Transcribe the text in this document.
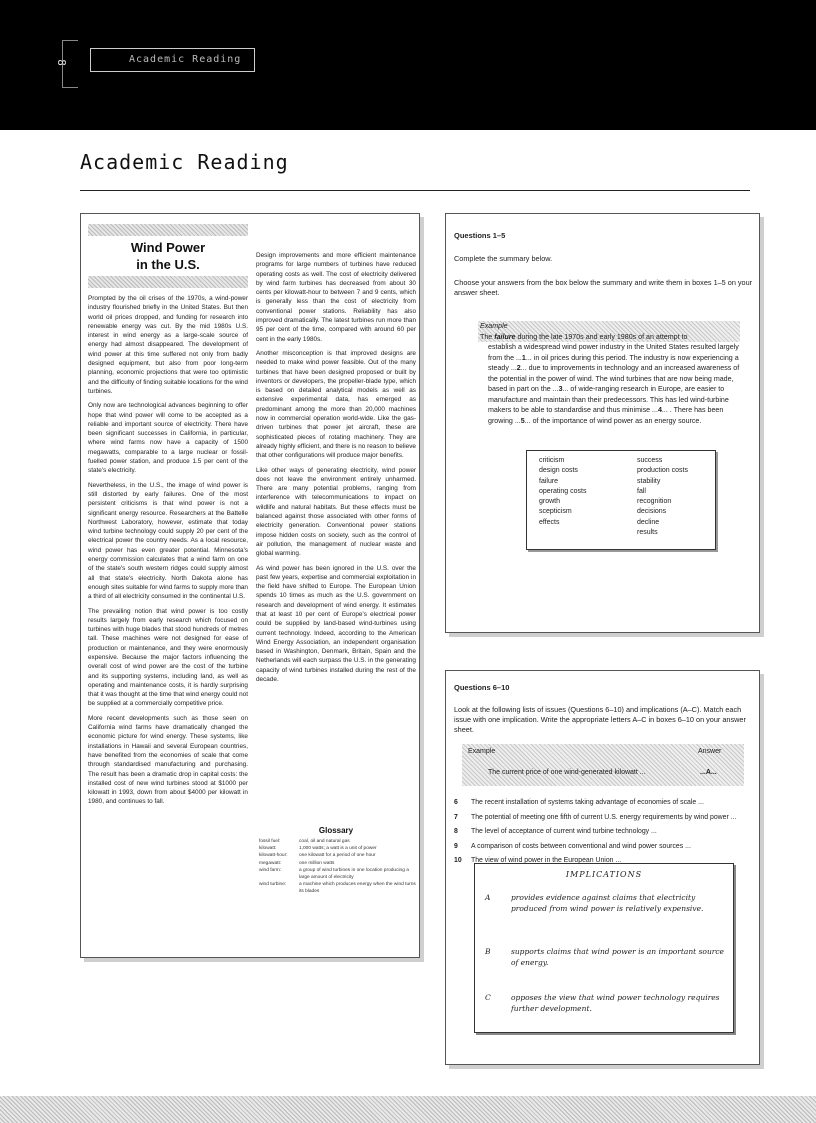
8	Academic Reading
Academic Reading
Wind Power
in the U.S.

Prompted by the oil crises of the 1970s, a wind-power industry flourished briefly in the United States. But then world oil prices dropped, and funding for research into renewable energy was cut. By the mid 1980s U.S. interest in wind energy as a large-scale source of energy had almost disappeared. The development of wind power at this time suffered not only from badly designed equipment, but also from poor long-term planning, economic projections that were too optimistic and the difficulty of finding suitable locations for the wind turbines.

Only now are technological advances beginning to offer hope that wind power will come to be accepted as a reliable and important source of electricity. There have been significant successes in California, in particular, where wind farms now have a capacity of 1500 megawatts, comparable to a large nuclear or fossil-fuelled power station, and produce 1.5 per cent of the state's electricity.

Nevertheless, in the U.S., the image of wind power is still distorted by early failures. One of the most persistent criticisms is that wind power is not a significant energy resource. Researchers at the Battelle Northwest Laboratory, however, estimate that today wind turbine technology could supply 20 per cent of the electrical power the country needs. As a local resource, wind power has even greater potential. Minnesota's energy commission calculates that a wind farm on one of the state's south western ridges could supply almost all that state's electricity. North Dakota alone has enough sites suitable for wind farms to supply more than a third of all electricity consumed in the continental U.S.

The prevailing notion that wind power is too costly results largely from early research which focused on turbines with huge blades that stood hundreds of metres tall. These machines were not designed for ease of production or maintenance, and they were enormously expensive. Because the major factors influencing the overall cost of wind power are the cost of the turbine and its supporting systems, including land, as well as operating and maintenance costs, it is hardly surprising that it was thought at the time that wind energy could not be supplied at a commercially competitive price.

More recent developments such as those seen on California wind farms have dramatically changed the economic picture for wind energy. These systems, like installations in Hawaii and several European countries, have benefited from the economies of scale that come through standardised manufacturing and purchasing. The result has been a dramatic drop in capital costs: the installed cost of new wind turbines stood at $1000 per kilowatt in 1993, down from about $4000 per kilowatt in 1980, and continues to fall.

Design improvements and more efficient maintenance programs for large numbers of turbines have reduced operating costs as well. The cost of electricity delivered by wind farm turbines has decreased from about 30 cents per kilowatt-hour to between 7 and 9 cents, which is generally less than the cost of electricity from conventional power stations. Reliability has also improved dramatically. The latest turbines run more than 95 per cent of the time, compared with around 60 per cent in the early 1980s.

Another misconception is that improved designs are needed to make wind power feasible. Out of the many turbines that have been designed proposed or built by inventors or developers, the propeller-blade type, which is based on detailed analytical models as well as extensive experimental data, has emerged as predominant among the more than 20,000 machines now in commercial operation world-wide. Like the gas-driven turbines that power jet aircraft, these are sophisticated pieces of rotating machinery. They are already highly efficient, and there is no reason to believe that other configurations will produce major benefits.

Like other ways of generating electricity, wind power does not leave the environment entirely unharmed. There are many potential problems, ranging from interference with telecommunications to impact on wildlife and natural habitats. But these effects must be balanced against those associated with other forms of electricity generation. Conventional power stations impose hidden costs on society, such as the control of air pollution, the management of nuclear waste and global warming.

As wind power has been ignored in the U.S. over the past few years, expertise and commercial exploitation in the field have shifted to Europe. The European Union spends 10 times as much as the U.S. government on research and development of wind energy. It estimates that at least 10 per cent of Europe's electrical power could be supplied by land-based wind-turbines using current technology. Indeed, according to the American Wind Energy Association, an independent organisation based in Washington, Denmark, Britain, Spain and the Netherlands will each surpass the U.S. in the generating capacity of wind turbines installed during the rest of the decade.

Glossary
fossil fuel:	coal, oil and natural gas
kilowatt:	1,000 watts; a watt is a unit of power
kilowatt-hour:	one kilowatt for a period of one hour
megawatt:	one million watts
wind farm:	a group of wind turbines in one location producing a large amount of electricity
wind turbine:	a machine which produces energy when the wind turns its blades
Questions 1–5
Complete the summary below.
Choose your answers from the box below the summary and write them in boxes 1–5 on your answer sheet.
Example
The failure during the late 1970s and early 1980s of an attempt to
establish a widespread wind power industry in the United States resulted largely from the ...1... in oil prices during this period. The industry is now experiencing a steady ...2... due to improvements in technology and an increased awareness of the potential in the power of wind. The wind turbines that are now being made, based in part on the ...3... of wide-ranging research in Europe, are easier to manufacture and maintain than their predecessors. This has led wind-turbine makers to be able to standardise and thus minimise ...4... . There has been growing ...5... of the importance of wind power as an energy source.
criticism
design costs
failure
operating costs
growth
scepticism
effects
success
production costs
stability
fall
recognition
decisions
decline
results
Questions 6–10
Look at the following lists of issues (Questions 6–10) and implications (A–C). Match each issue with one implication. Write the appropriate letters A–C in boxes 6–10 on your answer sheet.
Example	Answer
The current price of one wind-generated kilowatt ...	...A...
6	The recent installation of systems taking advantage of economies of scale ...
7	The potential of meeting one fifth of current U.S. energy requirements by wind power ...
8	The level of acceptance of current wind turbine technology ...
9	A comparison of costs between conventional and wind power sources ...
10	The view of wind power in the European Union ...
IMPLICATIONS
A	provides evidence against claims that electricity produced from wind power is relatively expensive.
B	supports claims that wind power is an important source of energy.
C	opposes the view that wind power technology requires further development.
